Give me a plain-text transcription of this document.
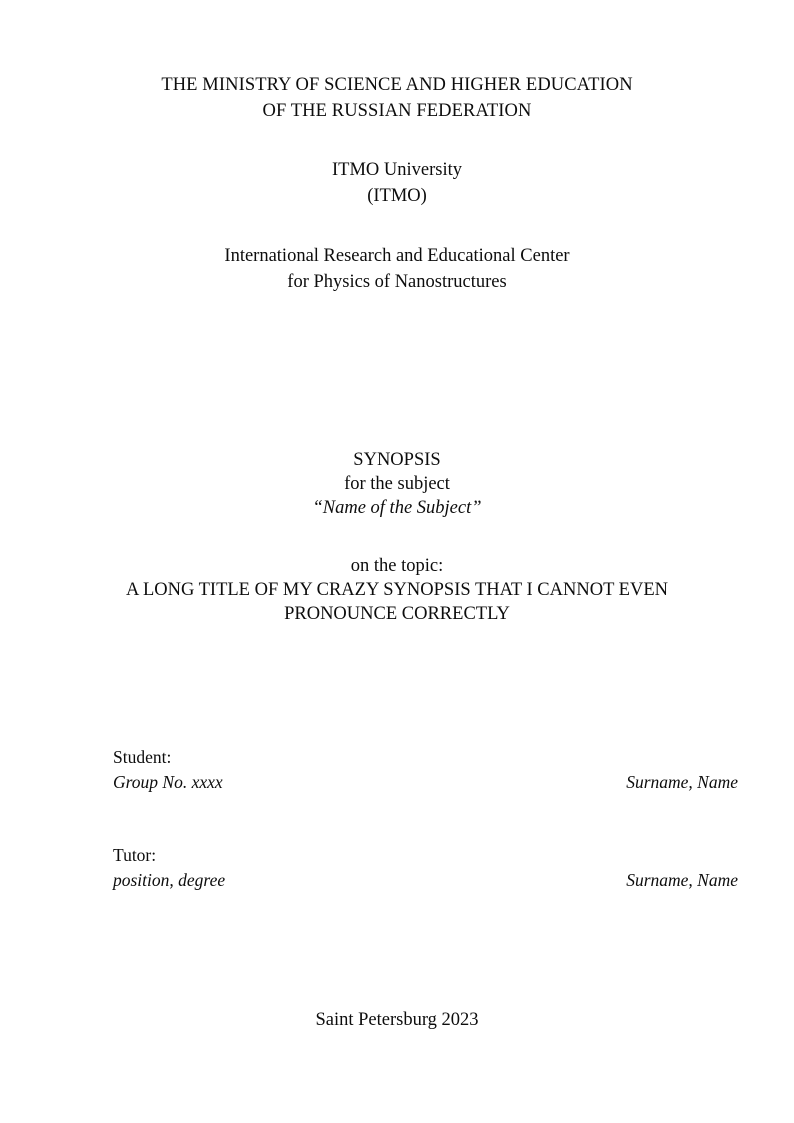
THE MINISTRY OF SCIENCE AND HIGHER EDUCATION
OF THE RUSSIAN FEDERATION
ITMO University
(ITMO)
International Research and Educational Center
for Physics of Nanostructures
SYNOPSIS
for the subject
“Name of the Subject”
on the topic:
A LONG TITLE OF MY CRAZY SYNOPSIS THAT I CANNOT EVEN
PRONOUNCE CORRECTLY
Student:
Group No. xxxx	Surname, Name
Tutor:
position, degree	Surname, Name
Saint Petersburg 2023
